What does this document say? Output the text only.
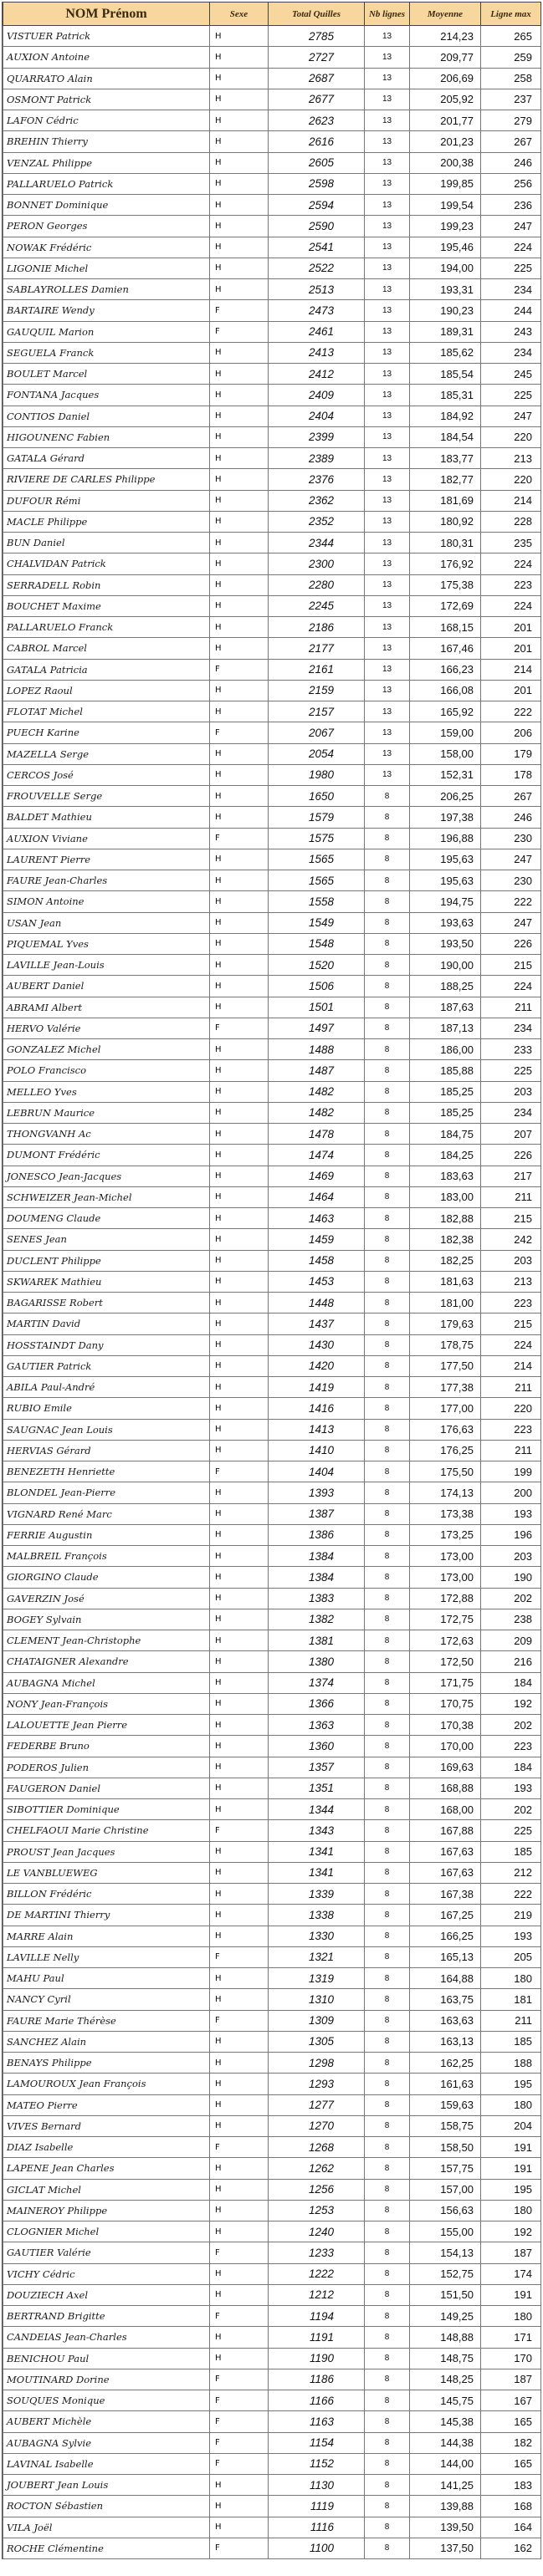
NOM Prénom	Sexe	Total Quilles	Nb lignes	Moyenne	Ligne max
VISTUER Patrick	H	2785	13	214,23	265
AUXION Antoine	H	2727	13	209,77	259
QUARRATO Alain	H	2687	13	206,69	258
OSMONT Patrick	H	2677	13	205,92	237
LAFON Cédric	H	2623	13	201,77	279
BREHIN Thierry	H	2616	13	201,23	267
VENZAL Philippe	H	2605	13	200,38	246
PALLARUELO Patrick	H	2598	13	199,85	256
BONNET Dominique	H	2594	13	199,54	236
PERON Georges	H	2590	13	199,23	247
NOWAK Frédéric	H	2541	13	195,46	224
LIGONIE Michel	H	2522	13	194,00	225
SABLAYROLLES Damien	H	2513	13	193,31	234
BARTAIRE Wendy	F	2473	13	190,23	244
GAUQUIL Marion	F	2461	13	189,31	243
SEGUELA Franck	H	2413	13	185,62	234
BOULET Marcel	H	2412	13	185,54	245
FONTANA Jacques	H	2409	13	185,31	225
CONTIOS Daniel	H	2404	13	184,92	247
HIGOUNENC Fabien	H	2399	13	184,54	220
GATALA Gérard	H	2389	13	183,77	213
RIVIERE DE CARLES Philippe	H	2376	13	182,77	220
DUFOUR Rémi	H	2362	13	181,69	214
MACLE Philippe	H	2352	13	180,92	228
BUN Daniel	H	2344	13	180,31	235
CHALVIDAN Patrick	H	2300	13	176,92	224
SERRADELL Robin	H	2280	13	175,38	223
BOUCHET Maxime	H	2245	13	172,69	224
PALLARUELO Franck	H	2186	13	168,15	201
CABROL Marcel	H	2177	13	167,46	201
GATALA Patricia	F	2161	13	166,23	214
LOPEZ Raoul	H	2159	13	166,08	201
FLOTAT Michel	H	2157	13	165,92	222
PUECH Karine	F	2067	13	159,00	206
MAZELLA Serge	H	2054	13	158,00	179
CERCOS José	H	1980	13	152,31	178
FROUVELLE Serge	H	1650	8	206,25	267
BALDET Mathieu	H	1579	8	197,38	246
AUXION Viviane	F	1575	8	196,88	230
LAURENT Pierre	H	1565	8	195,63	247
FAURE Jean-Charles	H	1565	8	195,63	230
SIMON Antoine	H	1558	8	194,75	222
USAN Jean	H	1549	8	193,63	247
PIQUEMAL Yves	H	1548	8	193,50	226
LAVILLE Jean-Louis	H	1520	8	190,00	215
AUBERT Daniel	H	1506	8	188,25	224
ABRAMI Albert	H	1501	8	187,63	211
HERVO Valérie	F	1497	8	187,13	234
GONZALEZ Michel	H	1488	8	186,00	233
POLO Francisco	H	1487	8	185,88	225
MELLEO Yves	H	1482	8	185,25	203
LEBRUN Maurice	H	1482	8	185,25	234
THONGVANH Ac	H	1478	8	184,75	207
DUMONT Frédéric	H	1474	8	184,25	226
JONESCO Jean-Jacques	H	1469	8	183,63	217
SCHWEIZER Jean-Michel	H	1464	8	183,00	211
DOUMENG Claude	H	1463	8	182,88	215
SENES Jean	H	1459	8	182,38	242
DUCLENT Philippe	H	1458	8	182,25	203
SKWAREK Mathieu	H	1453	8	181,63	213
BAGARISSE Robert	H	1448	8	181,00	223
MARTIN David	H	1437	8	179,63	215
HOSSTAINDT Dany	H	1430	8	178,75	224
GAUTIER Patrick	H	1420	8	177,50	214
ABILA Paul-André	H	1419	8	177,38	211
RUBIO Emile	H	1416	8	177,00	220
SAUGNAC Jean Louis	H	1413	8	176,63	223
HERVIAS Gérard	H	1410	8	176,25	211
BENEZETH Henriette	F	1404	8	175,50	199
BLONDEL Jean-Pierre	H	1393	8	174,13	200
VIGNARD René Marc	H	1387	8	173,38	193
FERRIE Augustin	H	1386	8	173,25	196
MALBREIL François	H	1384	8	173,00	203
GIORGINO Claude	H	1384	8	173,00	190
GAVERZIN José	H	1383	8	172,88	202
BOGEY Sylvain	H	1382	8	172,75	238
CLEMENT Jean-Christophe	H	1381	8	172,63	209
CHATAIGNER Alexandre	H	1380	8	172,50	216
AUBAGNA Michel	H	1374	8	171,75	184
NONY Jean-François	H	1366	8	170,75	192
LALOUETTE Jean Pierre	H	1363	8	170,38	202
FEDERBE Bruno	H	1360	8	170,00	223
PODEROS Julien	H	1357	8	169,63	184
FAUGERON Daniel	H	1351	8	168,88	193
SIBOTTIER Dominique	H	1344	8	168,00	202
CHELFAOUI Marie Christine	F	1343	8	167,88	225
PROUST Jean Jacques	H	1341	8	167,63	185
LE VANBLUEWEG	H	1341	8	167,63	212
BILLON Frédéric	H	1339	8	167,38	222
DE MARTINI Thierry	H	1338	8	167,25	219
MARRE Alain	H	1330	8	166,25	193
LAVILLE Nelly	F	1321	8	165,13	205
MAHU Paul	H	1319	8	164,88	180
NANCY Cyril	H	1310	8	163,75	181
FAURE Marie Thérèse	F	1309	8	163,63	211
SANCHEZ Alain	H	1305	8	163,13	185
BENAYS Philippe	H	1298	8	162,25	188
LAMOUROUX Jean François	H	1293	8	161,63	195
MATEO Pierre	H	1277	8	159,63	180
VIVES Bernard	H	1270	8	158,75	204
DIAZ Isabelle	F	1268	8	158,50	191
LAPENE Jean Charles	H	1262	8	157,75	191
GICLAT Michel	H	1256	8	157,00	195
MAINEROY Philippe	H	1253	8	156,63	180
CLOGNIER Michel	H	1240	8	155,00	192
GAUTIER Valérie	F	1233	8	154,13	187
VICHY Cédric	H	1222	8	152,75	174
DOUZIECH Axel	H	1212	8	151,50	191
BERTRAND Brigitte	F	1194	8	149,25	180
CANDEIAS Jean-Charles	H	1191	8	148,88	171
BENICHOU Paul	H	1190	8	148,75	170
MOUTINARD Dorine	F	1186	8	148,25	187
SOUQUES Monique	F	1166	8	145,75	167
AUBERT Michèle	F	1163	8	145,38	165
AUBAGNA Sylvie	F	1154	8	144,38	182
LAVINAL Isabelle	F	1152	8	144,00	165
JOUBERT Jean Louis	H	1130	8	141,25	183
ROCTON Sébastien	H	1119	8	139,88	168
VILA Joël	H	1116	8	139,50	164
ROCHE Clémentine	F	1100	8	137,50	162
